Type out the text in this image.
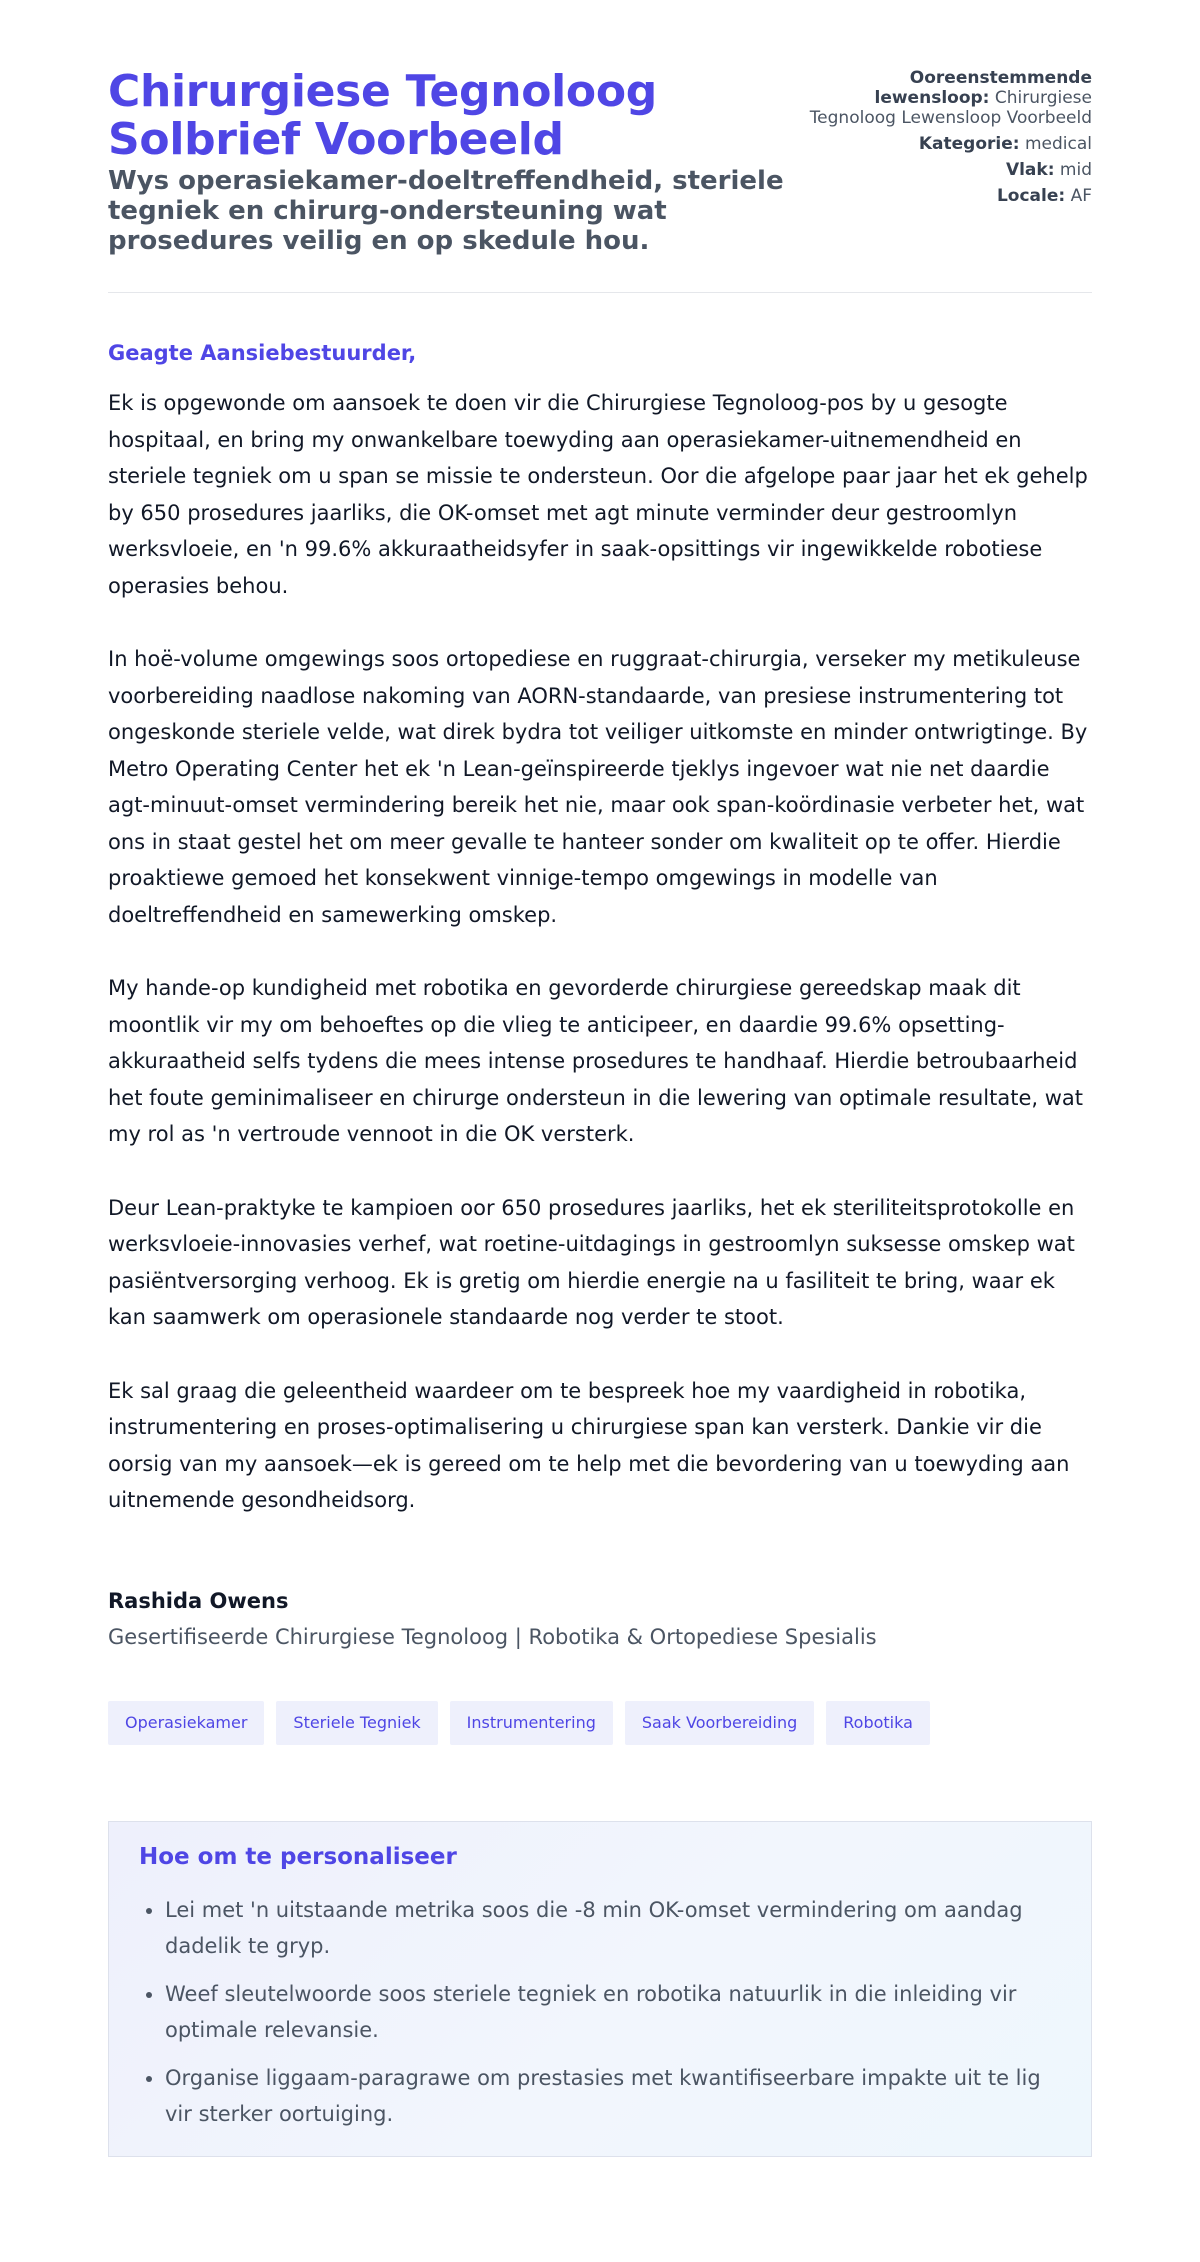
Chirurgiese Tegnoloog Solbrief Voorbeeld
Wys operasiekamer-doeltreffendheid, steriele tegniek en chirurg-ondersteuning wat prosedures veilig en op skedule hou.
Ooreenstemmende lewensloop: Chirurgiese Tegnoloog Lewensloop Voorbeeld
Kategorie: medical
Vlak: mid
Locale: AF

Geagte Aansiebestuurder,

Ek is opgewonde om aansoek te doen vir die Chirurgiese Tegnoloog-pos by u gesogte hospitaal, en bring my onwankelbare toewyding aan operasiekamer-uitnemendheid en steriele tegniek om u span se missie te ondersteun. Oor die afgelope paar jaar het ek gehelp by 650 prosedures jaarliks, die OK-omset met agt minute verminder deur gestroomlyn werksvloeie, en 'n 99.6% akkuraatheidsyfer in saak-opsittings vir ingewikkelde robotiese operasies behou.

In hoë-volume omgewings soos ortopediese en ruggraat-chirurgia, verseker my metikuleuse voorbereiding naadlose nakoming van AORN-standaarde, van presiese instrumentering tot ongeskonde steriele velde, wat direk bydra tot veiliger uitkomste en minder ontwrigtinge. By Metro Operating Center het ek 'n Lean-geïnspireerde tjeklys ingevoer wat nie net daardie agt-minuut-omset vermindering bereik het nie, maar ook span-koördinasie verbeter het, wat ons in staat gestel het om meer gevalle te hanteer sonder om kwaliteit op te offer. Hierdie proaktiewe gemoed het konsekwent vinnige-tempo omgewings in modelle van doeltreffendheid en samewerking omskep.

My hande-op kundigheid met robotika en gevorderde chirurgiese gereedskap maak dit moontlik vir my om behoeftes op die vlieg te anticipeer, en daardie 99.6% opsetting-akkuraatheid selfs tydens die mees intense prosedures te handhaaf. Hierdie betroubaarheid het foute geminimaliseer en chirurge ondersteun in die lewering van optimale resultate, wat my rol as 'n vertroude vennoot in die OK versterk.

Deur Lean-praktyke te kampioen oor 650 prosedures jaarliks, het ek steriliteitsprotokolle en werksvloeie-innovasies verhef, wat roetine-uitdagings in gestroomlyn suksesse omskep wat pasiëntversorging verhoog. Ek is gretig om hierdie energie na u fasiliteit te bring, waar ek kan saamwerk om operasionele standaarde nog verder te stoot.

Ek sal graag die geleentheid waardeer om te bespreek hoe my vaardigheid in robotika, instrumentering en proses-optimalisering u chirurgiese span kan versterk. Dankie vir die oorsig van my aansoek—ek is gereed om te help met die bevordering van u toewyding aan uitnemende gesondheidsorg.

Rashida Owens

Gesertifiseerde Chirurgiese Tegnoloog | Robotika & Ortopediese Spesialis

Operasiekamer	Steriele Tegniek	Instrumentering	Saak Voorbereiding	Robotika
Hoe om te personaliseer
• Lei met 'n uitstaande metrika soos die -8 min OK-omset vermindering om aandag dadelik te gryp.
• Weef sleutelwoorde soos steriele tegniek en robotika natuurlik in die inleiding vir optimale relevansie.
• Organise liggaam-paragrawe om prestasies met kwantifiseerbare impakte uit te lig vir sterker oortuiging.
